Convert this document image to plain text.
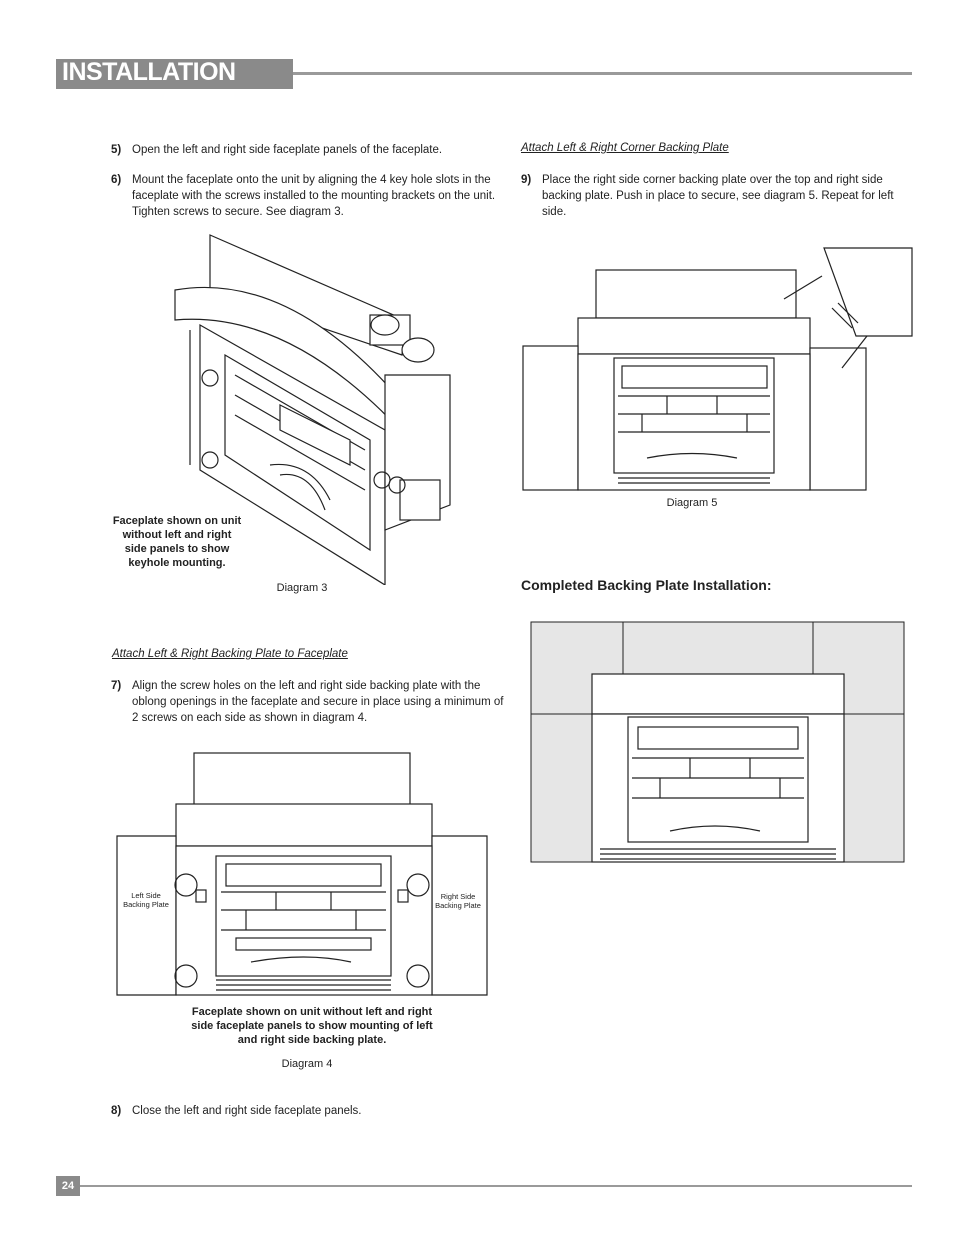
INSTALLATION
5) Open the left and right side faceplate panels of the faceplate.
6) Mount the faceplate onto the unit by aligning the 4 key hole slots in the faceplate with the screws installed to the mounting brackets on the unit. Tighten screws to secure. See diagram 3.
Faceplate shown on unit without left and right side panels to show keyhole mounting.
Diagram 3
Attach Left & Right Backing Plate to Faceplate
7) Align the screw holes on the left and right side backing plate with the oblong openings in the faceplate and secure in place using a minimum of 2 screws on each side as shown in diagram 4.
Left Side Backing Plate
Right Side Backing Plate
Faceplate shown on unit without left and right side faceplate panels to show mounting of left and right side backing plate.
Diagram 4
8) Close the left and right side faceplate panels.
Attach Left & Right Corner Backing Plate
9) Place the right side corner backing plate over the top and right side backing plate. Push in place to secure, see diagram 5. Repeat for left side.
Diagram 5
Completed Backing Plate Installation:
24
